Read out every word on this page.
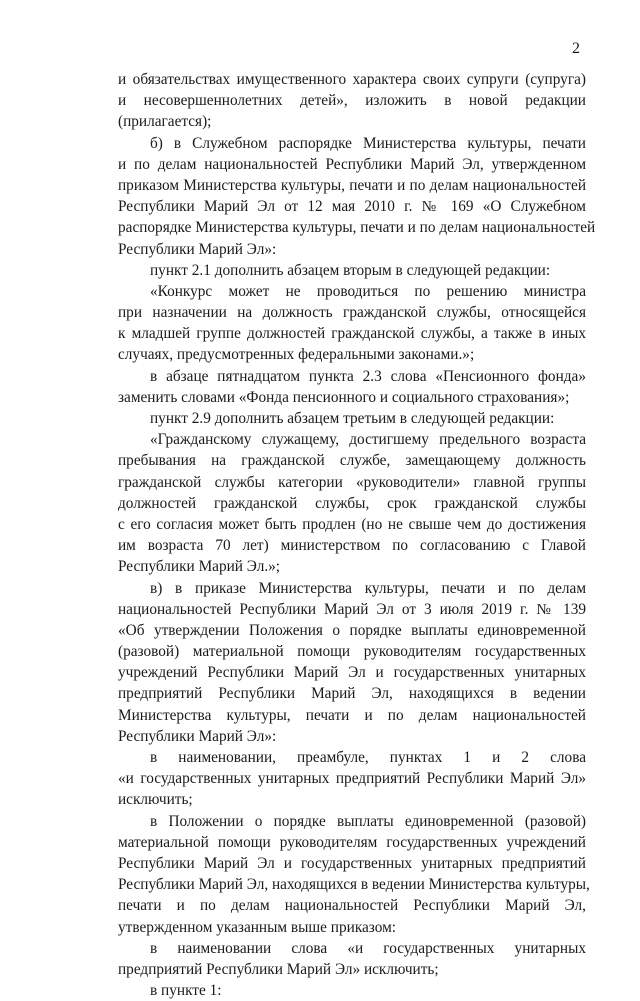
2
и обязательствах имущественного характера своих супруги (супруга)
и несовершеннолетних детей», изложить в новой редакции
(прилагается);
б) в Служебном распорядке Министерства культуры, печати
и по делам национальностей Республики Марий Эл, утвержденном
приказом Министерства культуры, печати и по делам национальностей
Республики Марий Эл от 12 мая 2010 г. № 169 «О Служебном
распорядке Министерства культуры, печати и по делам национальностей
Республики Марий Эл»:
пункт 2.1 дополнить абзацем вторым в следующей редакции:
«Конкурс может не проводиться по решению министра
при назначении на должность гражданской службы, относящейся
к младшей группе должностей гражданской службы, а также в иных
случаях, предусмотренных федеральными законами.»;
в абзаце пятнадцатом пункта 2.3 слова «Пенсионного фонда»
заменить словами «Фонда пенсионного и социального страхования»;
пункт 2.9 дополнить абзацем третьим в следующей редакции:
«Гражданскому служащему, достигшему предельного возраста
пребывания на гражданской службе, замещающему должность
гражданской службы категории «руководители» главной группы
должностей гражданской службы, срок гражданской службы
с его согласия может быть продлен (но не свыше чем до достижения
им возраста 70 лет) министерством по согласованию с Главой
Республики Марий Эл.»;
в) в приказе Министерства культуры, печати и по делам
национальностей Республики Марий Эл от 3 июля 2019 г. № 139
«Об утверждении Положения о порядке выплаты единовременной
(разовой) материальной помощи руководителям государственных
учреждений Республики Марий Эл и государственных унитарных
предприятий Республики Марий Эл, находящихся в ведении
Министерства культуры, печати и по делам национальностей
Республики Марий Эл»:
в наименовании, преамбуле, пунктах 1 и 2 слова
«и государственных унитарных предприятий Республики Марий Эл»
исключить;
в Положении о порядке выплаты единовременной (разовой)
материальной помощи руководителям государственных учреждений
Республики Марий Эл и государственных унитарных предприятий
Республики Марий Эл, находящихся в ведении Министерства культуры,
печати и по делам национальностей Республики Марий Эл,
утвержденном указанным выше приказом:
в наименовании слова «и государственных унитарных
предприятий Республики Марий Эл» исключить;
в пункте 1:
